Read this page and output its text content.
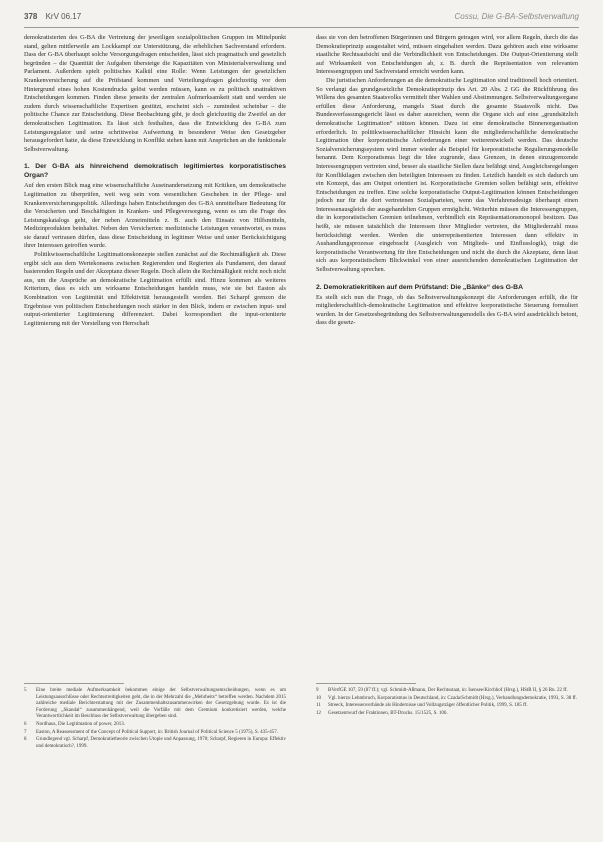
378 KrV 06.17	Cossu, Die G-BA-Selbstverwaltung

demokratisierten des G-BA die Vertretung der jeweiligen sozialpolitischen Gruppen im Mittelpunkt stand, gelten mittlerweile am Lockkampf zur Unterstützung, die erheblichen Sachverstand erfordern. Dass der G-BA überhaupt solche Versorgungsfragen entscheiden, lässt sich pragmatisch und gesetzlich begründen – die Quantität der Aufgaben übersteige die Kapazitäten von Ministerialverwaltung und Parlament. Außerdem spielt politisches Kalkül eine Rolle: Wenn Leistungen der gesetzlichen Krankenversicherung auf die Prüfstand kommen und Verteilungsfragen gleichzeitig vor dem Hintergrund eines hohen Kostendrucks gelöst werden müssen, kann es zu politisch unattraktiven Entscheidungen kommen. Finden diese jenseits der zentralen Aufmerksamkeit statt und werden sie zudem durch wissenschaftliche Expertisen gestützt, erscheint sich – zumindest scheinbar – die politische Chance zur Entscheidung. Diese Beobachtung gibt, je doch gleichzeitig die Zweifel an der demokratischen Legitimation. Es lässt sich festhalten, dass die Entwicklung des G-BA zum Leistungsregulator und seine schrittweise Aufwertung in besonderer Weise den Gesetzgeber herausgefordert hatte, da diese Entwicklung in Konflikt stehen kann mit Ansprüchen an die funktionale Selbstverwaltung.

1. Der G-BA als hinreichend demokratisch legitimiertes korporatistisches Organ?

Auf den ersten Blick mag eine wissenschaftliche Auseinandersetzung mit Kritiken, um demokratische Legitimation zu überprüfen, weit weg sein vom wesentlichen Geschehen in der Pflege- und Krankenversicherungspolitik. Allerdings haben Entscheidungen des G-BA unmittelbare Bedeutung für die Versicherten und Beschäftigten in Kranken- und Pflegeversorgung, wenn es um die Frage des Leistungskatalogs geht, der neben Arzneimitteln z. B. auch den Einsatz von Hilfsmitteln, Medizinprodukten beinhaltet. Neben den Versicherten: medizinische Leistungen verantwortet, es muss sie darauf vertrauen dürfen, dass diese Entscheidung in legitimer Weise und unter Berücksichtigung ihrer Interessen getroffen wurde.

Politikwissenschaftliche Legitimationskonzepte stellen zunächst auf die Rechtmäßigkeit ab. Diese ergibt sich aus dem Wertekonsens zwischen Regierenden und Regierten als Fundament, den darauf basierenden Regeln und der Akzeptanz dieser Regeln. Doch allein die Rechtmäßigkeit reicht noch nicht aus, um die Ansprüche an demokratische Legitimation erfüllt sind. Hinzu kommen als weiteres Kriterium, dass es sich um wirksame Entscheidungen handeln muss, wie sie bei Easton als Kombination von Legitimität und Effektivität herausgestellt werden. Bei Scharpf grenzen die Ergebnisse von politischen Entscheidungen noch stärker in den Blick, indem er zwischen input- und output-orientierter Legitimierung differenziert. Dabei korrespondiert die input-orientierte Legitimierung mit der Vorstellung von Herrschaft

dass sie von den betroffenen Bürgerinnen und Bürgern getragen wird, vor allem Regeln, durch die das Demokratieprinzip ausgestaltet wird, müssen eingehalten werden. Dazu gehören auch eine wirksame staatliche Rechtsaufsicht und die Verbindlichkeit von Entscheidungen. Die Output-Orientierung stellt auf Wirksamkeit von Entscheidungen ab, z. B. durch die Repräsentation von relevanten Interessengruppen und Sachverstand erreicht werden kann.

Die juristischen Anforderungen an die demokratische Legitimation sind traditionell hoch orientiert. So verlangt das grundgesetzliche Demokratieprinzip des Art. 20 Abs. 2 GG die Rückführung des Willens des gesamten Staatsvolks vermittelt über Wahlen und Abstimmungen. Selbstverwaltungsorgane erfüllen diese Anforderung, mangels Staat durch die gesamte Staatsvolk nicht. Das Bundesverfassungsgericht lässt es daher ausreichen, wenn die Organe sich auf eine „grundsätzlich demokratische Legitimation“ stützen können. Dazu ist eine demokratische Binnenorganisation erforderlich. In politikwissenschaftlicher Hinsicht kann die mitgliederschaftliche demokratische Legitimation über korporatistische Anforderungen einer weiterentwickelt werden. Das deutsche Sozialversicherungssystem wird immer wieder als Beispiel für korporatistische Regulierungsmodelle benannt. Dem Korporatismus liegt die Idee zugrunde, dass Grenzen, in denen einzugrenzende Interessengruppen vertreten sind, besser als staatliche Stellen dazu befähigt sind, Ausgleichsregelungen für Konfliktlagen zwischen den beteiligten Interessen zu finden. Letztlich handelt es sich dadurch um ein Konzept, das am Output orientiert ist. Korporatistische Gremien sollen befähigt sein, effektive Entscheidungen zu treffen. Eine solche korporatistische Output-Legitimation können Entscheidungen jedoch nur für die dort vertretenen Sozialparteien, wenn das Verfahrensdesign überhaupt einen Interessenausgleich der ausgehandelten Gruppen ermöglicht. Weiterhin müssen die Interessengruppen, die in korporatistischen Gremien teilnehmen, verbindlich ein Repräsentationsmonopol besitzen. Das heißt, sie müssen tatsächlich die Interessen ihrer Mitglieder vertreten, die Mitgliederzahl muss berücksichtigt werden. Werden die unterrepräsentierten Interessen dann effektiv in Aushandlungsprozesse eingebracht (Ausgleich von Mitglieds- und Einflusslogik), trägt die korporatistische Verantwortung für ihre Entscheidungen und nicht die durch die Akzeptanz, denn lässt sich aus korporatistischem Blickwinkel von einer ausreichenden demokratischen Legitimation der Selbstverwaltung sprechen.

2. Demokratiekritiken auf dem Prüfstand: Die „Bänke“ des G-BA

Es stellt sich nun die Frage, ob das Selbstverwaltungskonzept die Anforderungen erfüllt, die für mitgliederschaftlich-demokratische Legitimation und effektive korporatistische Steuerung formuliert wurden. In der Gesetzesbegründung des Selbstverwaltungsmodells des G-BA wird ausdrücklich betont, dass die gesetz-

5	Eine breite mediale Aufmerksamkeit bekommen einige der Selbstverwaltungsentscheidungen, wenn es um Leistungsausschlüsse oder Rechtsstreitigkeiten geht, die in der Mehrzahl die „Mehrheits“ betreffen werden. Nachdem 2015 zahlreiche mediale Berichterstattung mit der Zusammenhaltszusammenwirken der Gesetzgebung wurde. Es ist die Forderung „Skandal“ zusammenhängend, weil die Vorfälle mit dem Gremium konkretisiert werden, welche Verantwortlichkeit im Beschluss der Selbstverwaltung übergeben sind.
6	Nordhaus, Die Legitimation of power, 2013.
7	Easton, A Reassessment of the Concept of Political Support, in: British Journal of Political Science 5 (1975), S. 435-457.
8	Grundlegend vgl. Scharpf, Demokratietheorie zwischen Utopie und Anpassung, 1970; Scharpf, Regieren in Europa: Effektiv und demokratisch?, 1999.
9	BVerfGE 107, 59 (87 ff.); vgl. Schmidt-Aßmann, Der Rechtsstaat, in: Isensee/Kirchhof (Hrsg.), HStR II, § 26 Rn. 22 ff.
10	Vgl. hierzu Lehmbruch, Korporatismus in Deutschland, in: Czada/Schmidt (Hrsg.), Verhandlungsdemokratie, 1993, S. 38 ff.
11	Streeck, Interessenverbände als Hindernisse und Vollzugsträger öffentlicher Politik, 1999, S. 185 ff.
12	Gesetzentwurf der Fraktionen, BT-Drucks. 15/1525, S. 106.
